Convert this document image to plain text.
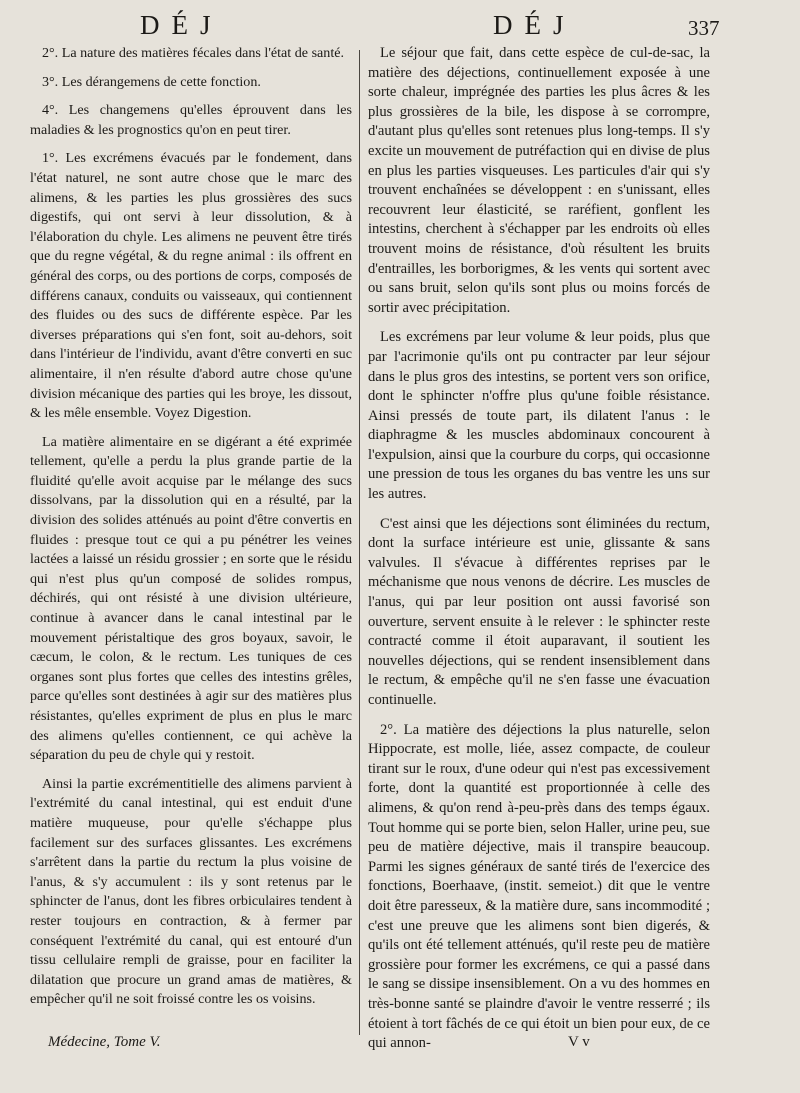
DÉJ	DÉJ	337

2°. La nature des matières fécales dans l'état de santé.

3°. Les dérangemens de cette fonction.

4°. Les changemens qu'elles éprouvent dans les maladies & les prognostics qu'on en peut tirer.

1°. Les excrémens évacués par le fondement, dans l'état naturel, ne sont autre chose que le marc des alimens, & les parties les plus grossières des sucs digestifs, qui ont servi à leur dissolution, & à l'élaboration du chyle. Les alimens ne peuvent être tirés que du regne végétal, & du regne animal : ils offrent en général des corps, ou des portions de corps, composés de différens canaux, conduits ou vaisseaux, qui contiennent des fluides ou des sucs de différente espèce. Par les diverses préparations qui s'en font, soit au-dehors, soit dans l'intérieur de l'individu, avant d'être converti en suc alimentaire, il n'en résulte d'abord autre chose qu'une division mécanique des parties qui les broye, les dissout, & les mêle ensemble. Voyez Digestion.

La matière alimentaire en se digérant a été exprimée tellement, qu'elle a perdu la plus grande partie de la fluidité qu'elle avoit acquise par le mélange des sucs dissolvans, par la dissolution qui en a résulté, par la division des solides atténués au point d'être convertis en fluides : presque tout ce qui a pu pénétrer les veines lactées a laissé un résidu grossier ; en sorte que le résidu qui n'est plus qu'un composé de solides rompus, déchirés, qui ont résisté à une division ultérieure, continue à avancer dans le canal intestinal par le mouvement péristaltique des gros boyaux, savoir, le cæcum, le colon, & le rectum. Les tuniques de ces organes sont plus fortes que celles des intestins grêles, parce qu'elles sont destinées à agir sur des matières plus résistantes, qu'elles expriment de plus en plus le marc des alimens qu'elles contiennent, ce qui achève la séparation du peu de chyle qui y restoit.

Ainsi la partie excrémentitielle des alimens parvient à l'extrémité du canal intestinal, qui est enduit d'une matière muqueuse, pour qu'elle s'échappe plus facilement sur des surfaces glissantes. Les excrémens s'arrêtent dans la partie du rectum la plus voisine de l'anus, & s'y accumulent : ils y sont retenus par le sphincter de l'anus, dont les fibres orbiculaires tendent à rester toujours en contraction, & à fermer par conséquent l'extrémité du canal, qui est entouré d'un tissu cellulaire rempli de graisse, pour en faciliter la dilatation que procure un grand amas de matières, & empêcher qu'il ne soit froissé contre les os voisins.

Le séjour que fait, dans cette espèce de cul-de-sac, la matière des déjections, continuellement exposée à une sorte chaleur, imprégnée des parties les plus âcres & les plus grossières de la bile, les dispose à se corrompre, d'autant plus qu'elles sont retenues plus long-temps. Il s'y excite un mouvement de putréfaction qui en divise de plus en plus les parties visqueuses. Les particules d'air qui s'y trouvent enchaînées se développent : en s'unissant, elles recouvrent leur élasticité, se raréfient, gonflent les intestins, cherchent à s'échapper par les endroits où elles trouvent moins de résistance, d'où résultent les bruits d'entrailles, les borborigmes, & les vents qui sortent avec ou sans bruit, selon qu'ils sont plus ou moins forcés de sortir avec précipitation.

Les excrémens par leur volume & leur poids, plus que par l'acrimonie qu'ils ont pu contracter par leur séjour dans le plus gros des intestins, se portent vers son orifice, dont le sphincter n'offre plus qu'une foible résistance. Ainsi pressés de toute part, ils dilatent l'anus : le diaphragme & les muscles abdominaux concourent à l'expulsion, ainsi que la courbure du corps, qui occasionne une pression de tous les organes du bas ventre les uns sur les autres.

C'est ainsi que les déjections sont éliminées du rectum, dont la surface intérieure est unie, glissante & sans valvules. Il s'évacue à différentes reprises par le méchanisme que nous venons de décrire. Les muscles de l'anus, qui par leur position ont aussi favorisé son ouverture, servent ensuite à le relever : le sphincter reste contracté comme il étoit auparavant, il soutient les nouvelles déjections, qui se rendent insensiblement dans le rectum, & empêche qu'il ne s'en fasse une évacuation continuelle.

2°. La matière des déjections la plus naturelle, selon Hippocrate, est molle, liée, assez compacte, de couleur tirant sur le roux, d'une odeur qui n'est pas excessivement forte, dont la quantité est proportionnée à celle des alimens, & qu'on rend à-peu-près dans des temps égaux. Tout homme qui se porte bien, selon Haller, urine peu, sue peu de matière déjective, mais il transpire beaucoup. Parmi les signes généraux de santé tirés de l'exercice des fonctions, Boerhaave, (instit. semeiot.) dit que le ventre doit être paresseux, & la matière dure, sans incommodité ; c'est une preuve que les alimens sont bien digerés, & qu'ils ont été tellement atténués, qu'il reste peu de matière grossière pour former les excrémens, ce qui a passé dans le sang se dissipe insensiblement. On a vu des hommes en très-bonne santé se plaindre d'avoir le ventre resserré ; ils étoient à tort fâchés de ce qui étoit un bien pour eux, de ce qui annon-

Médecine, Tome V.	V v
